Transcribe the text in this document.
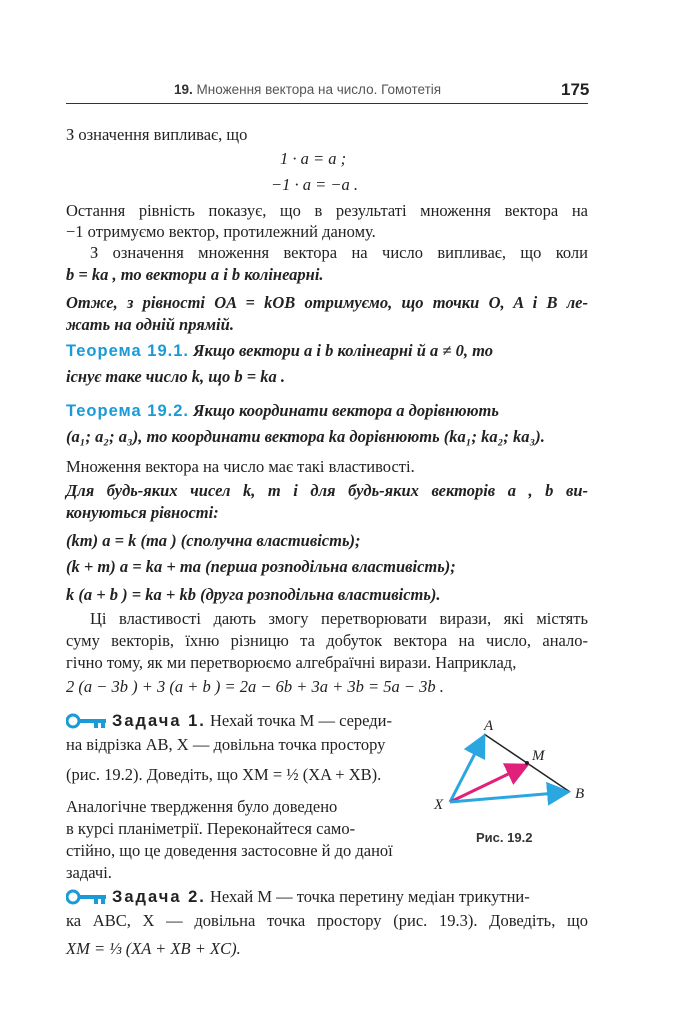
19. Множення вектора на число. Гомотетія	175
З означення випливає, що
1 · a = a ;
−1 · a = −a .
Остання рівність показує, що в результаті множення вектора на
−1 отримуємо вектор, протилежний даному.
З означення множення вектора на число випливає, що коли
b = ka , то вектори a і b колінеарні.
Отже, з рівності OA = kOB отримуємо, що точки O, A і B ле-
жать на одній прямій.
Теорема 19.1. Якщо вектори a і b колінеарні й a ≠ 0, то
існує таке число k, що b = ka .
Теорема 19.2. Якщо координати вектора a дорівнюють
(a₁; a₂; a₃), то координати вектора ka дорівнюють (ka₁; ka₂; ka₃).
Множення вектора на число має такі властивості.
Для будь-яких чисел k, m і для будь-яких векторів a , b ви-
конуються рівності:
(km) a = k (ma ) (сполучна властивість);
(k + m) a = ka + ma (перша розподільна властивість);
k (a + b ) = ka + kb (друга розподільна властивість).
Ці властивості дають змогу перетворювати вирази, які містять
суму векторів, їхню різницю та добуток вектора на число, анало-
гічно тому, як ми перетворюємо алгебраїчні вирази. Наприклад,
2 (a − 3b ) + 3 (a + b ) = 2a − 6b + 3a + 3b = 5a − 3b .
Задача 1. Нехай точка M — середи-
на відрізка AB, X — довільна точка простору
(рис. 19.2). Доведіть, що XM = ½ (XA + XB).
Аналогічне твердження було доведено
в курсі планіметрії. Переконайтеся само-
стійно, що це доведення застосовне й до даної
задачі.
A
M
X
B
Рис. 19.2
Задача 2. Нехай M — точка перетину медіан трикутни-
ка ABC, X — довільна точка простору (рис. 19.3). Доведіть, що
XM = ⅓ (XA + XB + XC).
